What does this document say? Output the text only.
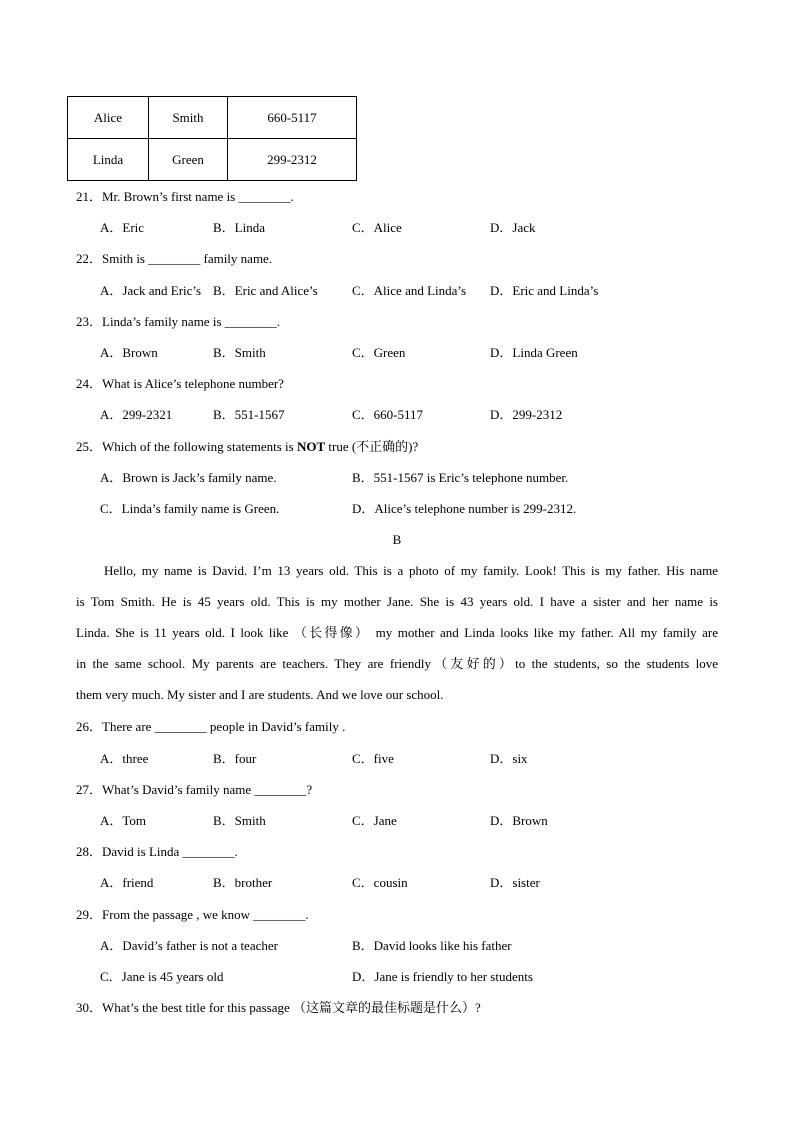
Alice	Smith	660-5117
Linda	Green	299-2312
21．Mr. Brown’s first name is ________.
A．Eric	B．Linda	C．Alice	D．Jack
22．Smith is ________ family name.
A．Jack and Eric’s B．Eric and Alice’s	C．Alice and Linda’s D．Eric and Linda’s
23．Linda’s family name is ________.
A．Brown	B．Smith	C．Green	D．Linda Green
24．What is Alice’s telephone number?
A．299-2321	B．551-1567	C．660-5117	D．299-2312
25．Which of the following statements is NOT true (不正确的)?
A．Brown is Jack’s family name.	B．551-1567 is Eric’s telephone number.
C．Linda’s family name is Green.	D．Alice’s telephone number is 299-2312.
B
Hello, my name is David. I’m 13 years old. This is a photo of my family. Look! This is my father. His name
is Tom Smith. He is 45 years old. This is my mother Jane. She is 43 years old. I have a sister and her name is
Linda. She is 11 years old. I look like （长得像） my mother and Linda looks like my father. All my family are
in the same school. My parents are teachers. They are friendly（友好的）to the students, so the students love
them very much. My sister and I are students. And we love our school.
26．There are ________ people in David’s family .
A．three	B．four	C．five	D．six
27．What’s David’s family name ________?
A．Tom	B．Smith	C．Jane	D．Brown
28．David is Linda ________.
A．friend	B．brother	C．cousin	D．sister
29．From the passage , we know ________.
A．David’s father is not a teacher	B．David looks like his father
C．Jane is 45 years old	D．Jane is friendly to her students
30．What’s the best title for this passage （这篇文章的最佳标题是什么）?
